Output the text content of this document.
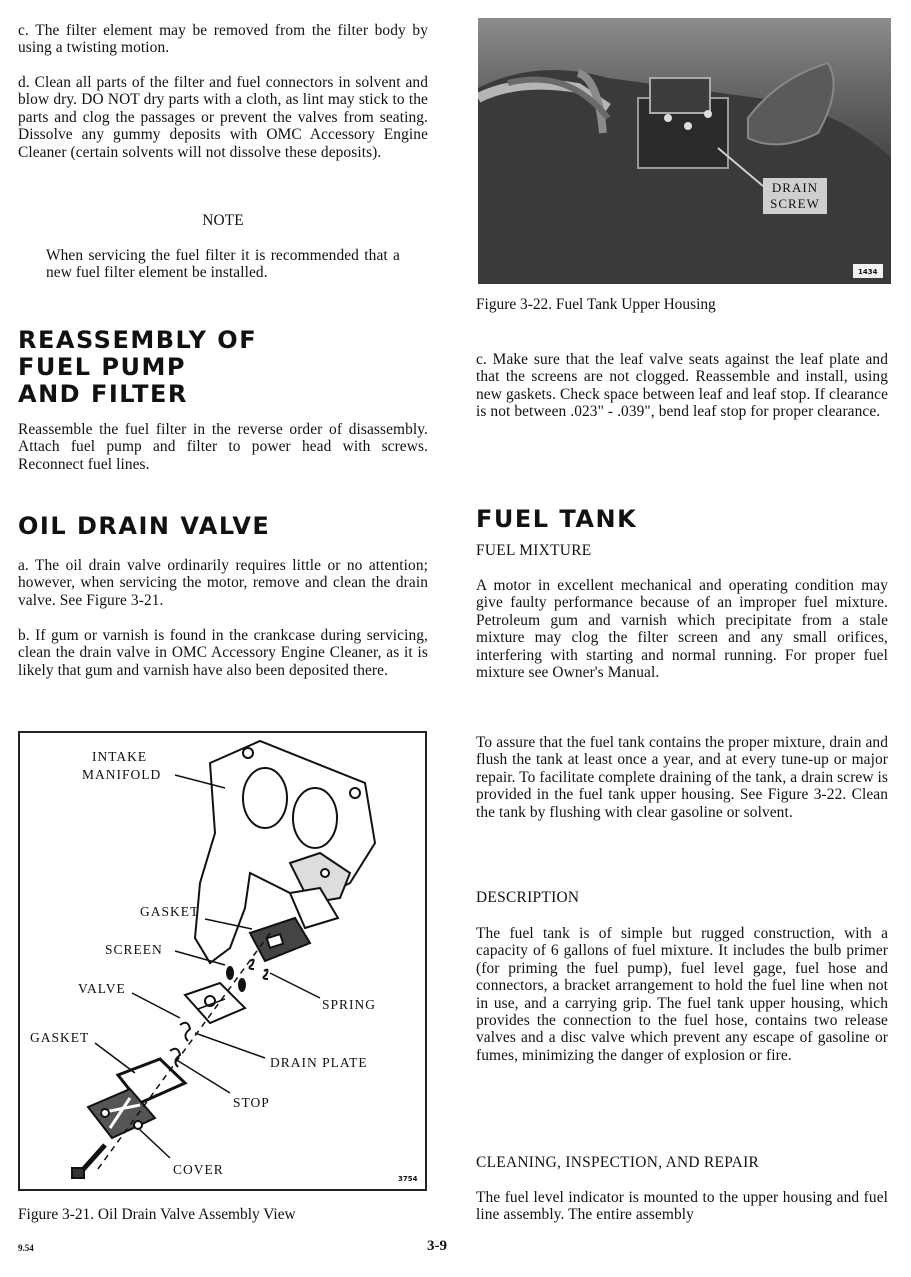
c. The filter element may be removed from the filter body by using a twisting motion.

d. Clean all parts of the filter and fuel connectors in solvent and blow dry. DO NOT dry parts with a cloth, as lint may stick to the parts and clog the passages or prevent the valves from seating. Dissolve any gummy deposits with OMC Accessory Engine Cleaner (certain solvents will not dissolve these deposits).

NOTE

When servicing the fuel filter it is recommended that a new fuel filter element be installed.

REASSEMBLY OF
FUEL PUMP
AND FILTER

Reassemble the fuel filter in the reverse order of disassembly. Attach fuel pump and filter to power head with screws. Reconnect fuel lines.

OIL DRAIN VALVE

a. The oil drain valve ordinarily requires little or no attention; however, when servicing the motor, remove and clean the drain valve. See Figure 3-21.

b. If gum or varnish is found in the crankcase during servicing, clean the drain valve in OMC Accessory Engine Cleaner, as it is likely that gum and varnish have also been deposited there.

INTAKE
MANIFOLD
GASKET
SCREEN
VALVE
SPRING
GASKET
DRAIN PLATE
STOP
COVER
3754

Figure 3-21. Oil Drain Valve Assembly View

DRAIN
SCREW
1434

Figure 3-22. Fuel Tank Upper Housing

c. Make sure that the leaf valve seats against the leaf plate and that the screens are not clogged. Reassemble and install, using new gaskets. Check space between leaf and leaf stop. If clearance is not between .023" - .039", bend leaf stop for proper clearance.

FUEL TANK

FUEL MIXTURE

A motor in excellent mechanical and operating condition may give faulty performance because of an improper fuel mixture. Petroleum gum and varnish which precipitate from a stale mixture may clog the filter screen and any small orifices, interfering with starting and normal running. For proper fuel mixture see Owner's Manual.

To assure that the fuel tank contains the proper mixture, drain and flush the tank at least once a year, and at every tune-up or major repair. To facilitate complete draining of the tank, a drain screw is provided in the fuel tank upper housing. See Figure 3-22. Clean the tank by flushing with clear gasoline or solvent.

DESCRIPTION

The fuel tank is of simple but rugged construction, with a capacity of 6 gallons of fuel mixture. It includes the bulb primer (for priming the fuel pump), fuel level gage, fuel hose and connectors, a bracket arrangement to hold the fuel line when not in use, and a carrying grip. The fuel tank upper housing, which provides the connection to the fuel hose, contains two release valves and a disc valve which prevent any escape of gasoline or fumes, minimizing the danger of explosion or fire.

CLEANING, INSPECTION, AND REPAIR

The fuel level indicator is mounted to the upper housing and fuel line assembly. The entire assembly

9.54	3-9
